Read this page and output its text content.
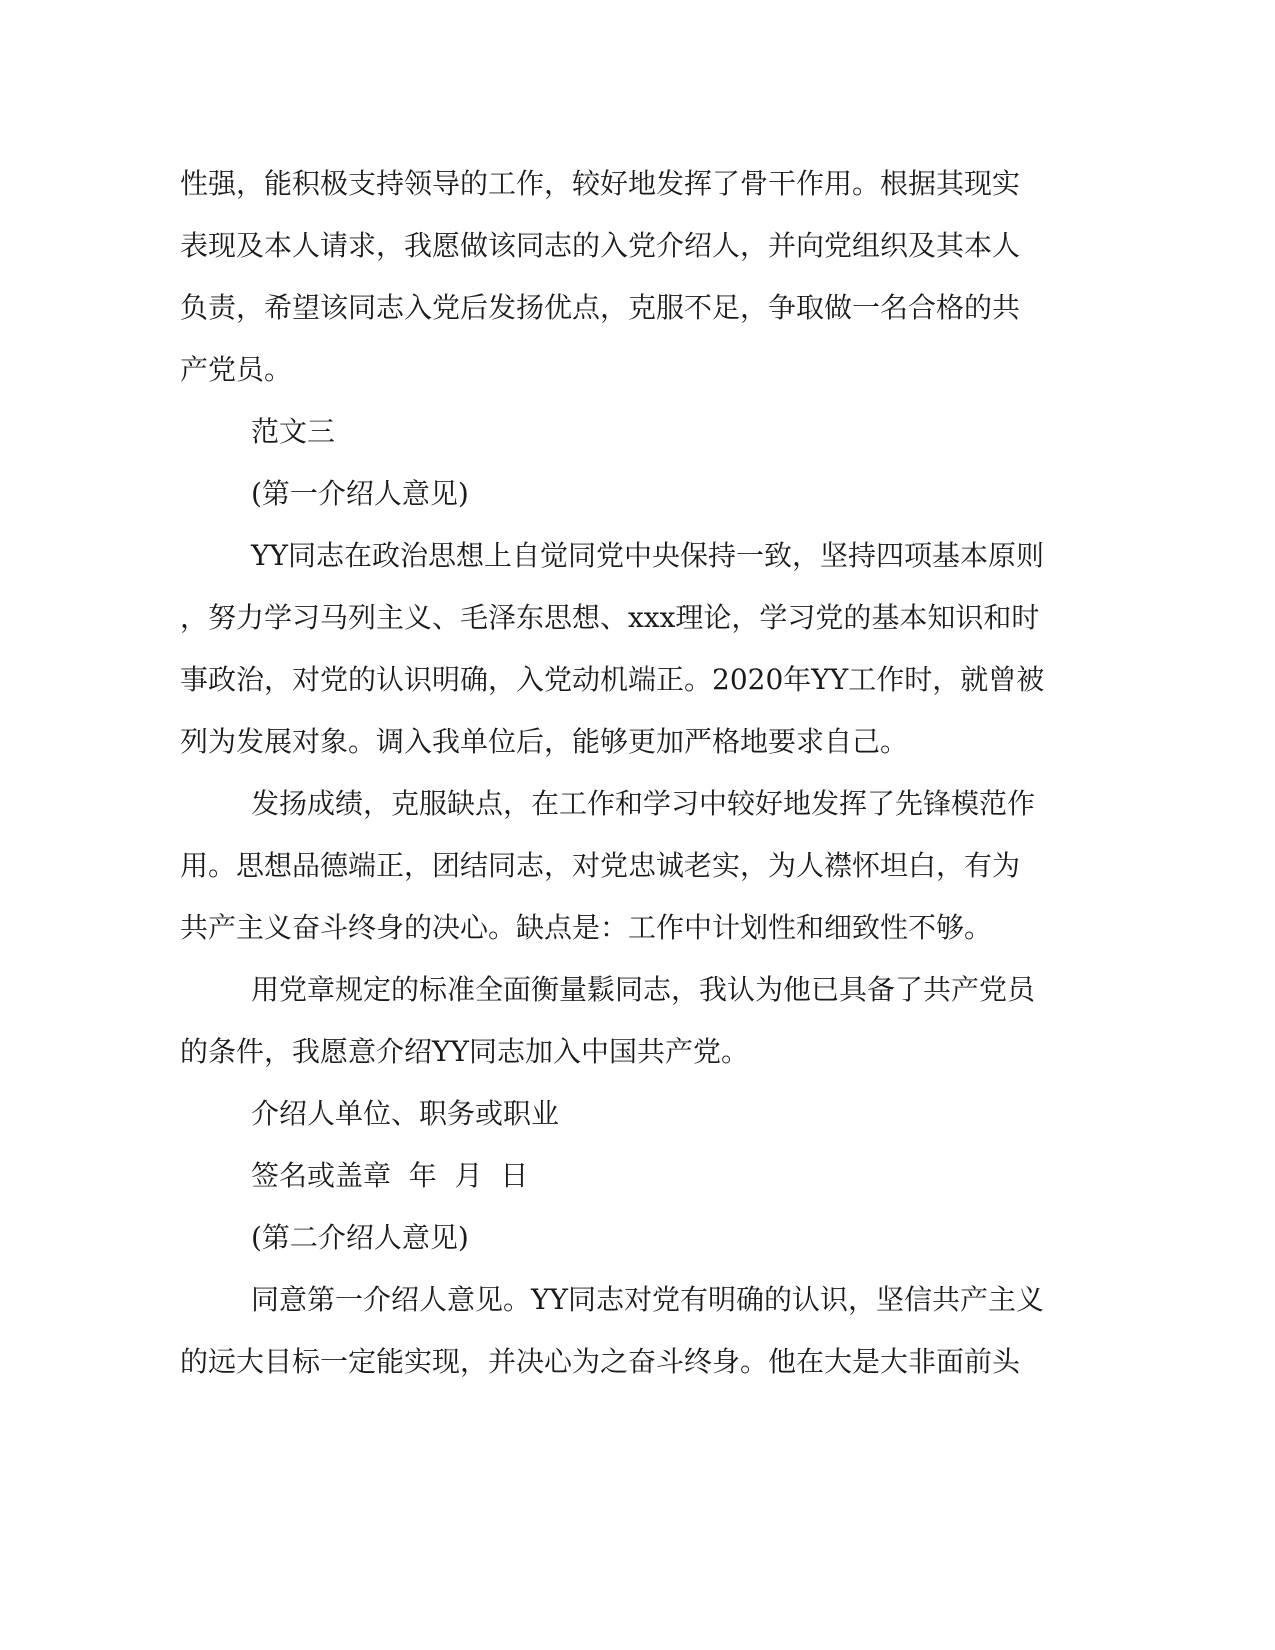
性强，能积极支持领导的工作，较好地发挥了骨干作用。根据其现实

表现及本人请求，我愿做该同志的入党介绍人，并向党组织及其本人

负责，希望该同志入党后发扬优点，克服不足，争取做一名合格的共

产党员。

范文三

(第一介绍人意见)

YY同志在政治思想上自觉同党中央保持一致，坚持四项基本原则

，努力学习马列主义、毛泽东思想、xxx理论，学习党的基本知识和时

事政治，对党的认识明确，入党动机端正。2020年YY工作时，就曾被

列为发展对象。调入我单位后，能够更加严格地要求自己。

发扬成绩，克服缺点，在工作和学习中较好地发挥了先锋模范作

用。思想品德端正，团结同志，对党忠诚老实，为人襟怀坦白，有为

共产主义奋斗终身的决心。缺点是：工作中计划性和细致性不够。

用党章规定的标准全面衡量鬏同志，我认为他已具备了共产党员

的条件，我愿意介绍YY同志加入中国共产党。

介绍人单位、职务或职业

签名或盖章  年  月  日

(第二介绍人意见)

同意第一介绍人意见。YY同志对党有明确的认识，坚信共产主义

的远大目标一定能实现，并决心为之奋斗终身。他在大是大非面前头
